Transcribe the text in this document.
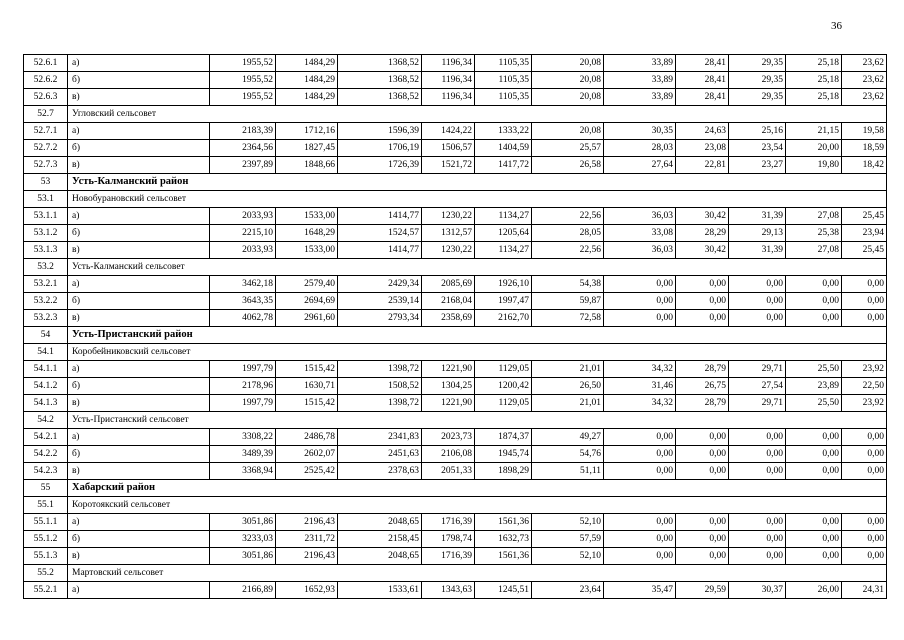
36
52.6.1	а)	1955,52	1484,29	1368,52	1196,34	1105,35	20,08	33,89	28,41	29,35	25,18	23,62
52.6.2	б)	1955,52	1484,29	1368,52	1196,34	1105,35	20,08	33,89	28,41	29,35	25,18	23,62
52.6.3	в)	1955,52	1484,29	1368,52	1196,34	1105,35	20,08	33,89	28,41	29,35	25,18	23,62
52.7	Угловский сельсовет											
52.7.1	а)	2183,39	1712,16	1596,39	1424,22	1333,22	20,08	30,35	24,63	25,16	21,15	19,58
52.7.2	б)	2364,56	1827,45	1706,19	1506,57	1404,59	25,57	28,03	23,08	23,54	20,00	18,59
52.7.3	в)	2397,89	1848,66	1726,39	1521,72	1417,72	26,58	27,64	22,81	23,27	19,80	18,42
53	Усть-Калманский район											
53.1	Новобурановский сельсовет											
53.1.1	а)	2033,93	1533,00	1414,77	1230,22	1134,27	22,56	36,03	30,42	31,39	27,08	25,45
53.1.2	б)	2215,10	1648,29	1524,57	1312,57	1205,64	28,05	33,08	28,29	29,13	25,38	23,94
53.1.3	в)	2033,93	1533,00	1414,77	1230,22	1134,27	22,56	36,03	30,42	31,39	27,08	25,45
53.2	Усть-Калманский сельсовет											
53.2.1	а)	3462,18	2579,40	2429,34	2085,69	1926,10	54,38	0,00	0,00	0,00	0,00	0,00
53.2.2	б)	3643,35	2694,69	2539,14	2168,04	1997,47	59,87	0,00	0,00	0,00	0,00	0,00
53.2.3	в)	4062,78	2961,60	2793,34	2358,69	2162,70	72,58	0,00	0,00	0,00	0,00	0,00
54	Усть-Пристанский район											
54.1	Коробейниковский сельсовет											
54.1.1	а)	1997,79	1515,42	1398,72	1221,90	1129,05	21,01	34,32	28,79	29,71	25,50	23,92
54.1.2	б)	2178,96	1630,71	1508,52	1304,25	1200,42	26,50	31,46	26,75	27,54	23,89	22,50
54.1.3	в)	1997,79	1515,42	1398,72	1221,90	1129,05	21,01	34,32	28,79	29,71	25,50	23,92
54.2	Усть-Пристанский сельсовет											
54.2.1	а)	3308,22	2486,78	2341,83	2023,73	1874,37	49,27	0,00	0,00	0,00	0,00	0,00
54.2.2	б)	3489,39	2602,07	2451,63	2106,08	1945,74	54,76	0,00	0,00	0,00	0,00	0,00
54.2.3	в)	3368,94	2525,42	2378,63	2051,33	1898,29	51,11	0,00	0,00	0,00	0,00	0,00
55	Хабарский район											
55.1	Коротоякский сельсовет											
55.1.1	а)	3051,86	2196,43	2048,65	1716,39	1561,36	52,10	0,00	0,00	0,00	0,00	0,00
55.1.2	б)	3233,03	2311,72	2158,45	1798,74	1632,73	57,59	0,00	0,00	0,00	0,00	0,00
55.1.3	в)	3051,86	2196,43	2048,65	1716,39	1561,36	52,10	0,00	0,00	0,00	0,00	0,00
55.2	Мартовский сельсовет											
55.2.1	а)	2166,89	1652,93	1533,61	1343,63	1245,51	23,64	35,47	29,59	30,37	26,00	24,31
